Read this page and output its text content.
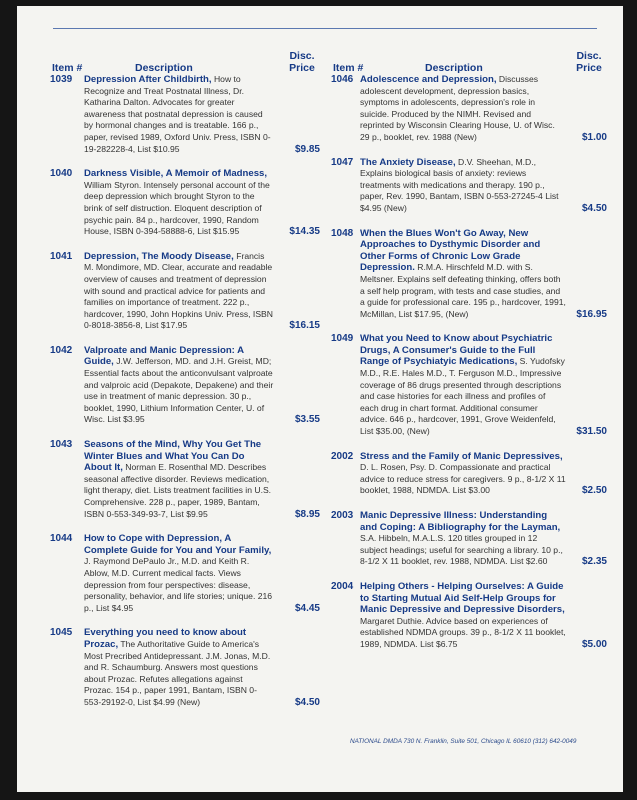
Item #	Description
Disc.
Price
1039	Depression After Childbirth, How to Recognize and Treat Postnatal Illness, Dr. Katharina Dalton. Advocates for greater awareness that postnatal depression is caused by hormonal changes and is treatable. 166 p., paper, revised 1989, Oxford Univ. Press, ISBN 0-19-282228-4, List $10.95	$9.85
1040	Darkness Visible, A Memoir of Madness, William Styron. Intensely personal account of the deep depression which brought Styron to the brink of self distruction. Eloquent description of psychic pain. 84 p., hardcover, 1990, Random House, ISBN 0-394-58888-6, List $15.95	$14.35
1041	Depression, The Moody Disease, Francis M. Mondimore, MD. Clear, accurate and readable overview of causes and treatment of depression with sound and practical advice for patients and families on importance of treatment. 222 p., hardcover, 1990, John Hopkins Univ. Press, ISBN 0-8018-3856-8, List $17.95	$16.15
1042	Valproate and Manic Depression: A Guide, J.W. Jefferson, MD. and J.H. Greist, MD; Essential facts about the anticonvulsant valproate and valproic acid (Depakote, Depakene) and their use in treatment of manic depression. 30 p., booklet, 1990, Lithium Information Center, U. of Wisc. List $3.95	$3.55
1043	Seasons of the Mind, Why You Get The Winter Blues and What You Can Do About It, Norman E. Rosenthal MD. Describes seasonal affective disorder. Reviews medication, light therapy, diet. Lists treatment facilities in U.S. Comprehensive. 228 p., paper, 1989, Bantam, ISBN 0-553-349-93-7, List $9.95	$8.95
1044	How to Cope with Depression, A Complete Guide for You and Your Family, J. Raymond DePaulo Jr., M.D. and Keith R. Ablow, M.D. Current medical facts. Views depression from four perspectives: disease, personality, behavior, and life stories; unique. 216 p., List $4.95	$4.45
1045	Everything you need to know about Prozac, The Authoritative Guide to America's Most Precribed Antidepressant. J.M. Jonas, M.D. and R. Schaumburg. Answers most questions about Prozac. Refutes allegations against Prozac. 154 p., paper 1991, Bantam, ISBN 0-553-29192-0, List $4.99 (New)	$4.50
Item #	Description
Disc.
Price
1046 Adolescence and Depression, Discusses adolescent development, depression basics, symptoms in adolescents, depression's role in suicide. Produced by the NIMH. Revised and reprinted by Wisconsin Clearing House, U. of Wisc. 29 p., booklet, rev. 1988 (New)	$1.00
1047 The Anxiety Disease, D.V. Sheehan, M.D., Explains biological basis of anxiety: reviews treatments with medications and therapy. 190 p., paper, Rev. 1990, Bantam, ISBN 0-553-27245-4 List $4.95 (New)	$4.50
1048 When the Blues Won't Go Away, New Approaches to Dysthymic Disorder and Other Forms of Chronic Low Grade Depression. R.M.A. Hirschfeld M.D. with S. Meltsner. Explains self defeating thinking, offers both a self help program, with tests and case studies, and a guide for professional care. 195 p., hardcover, 1991, McMillan, List $17.95, (New)	$16.95
1049 What you Need to Know about Psychiatric Drugs, A Consumer's Guide to the Full Range of Psychiatyic Medications, S. Yudofsky M.D., R.E. Hales M.D., T. Ferguson M.D., Impressive coverage of 86 drugs presented through descriptions and case histories for each illness and profiles of each drug in chart format. Additional consumer advice. 646 p., hardcover, 1991, Grove Weidenfeld, List $35.00, (New)	$31.50
2002 Stress and the Family of Manic Depressives, D. L. Rosen, Psy. D. Compassionate and practical advice to reduce stress for caregivers. 9 p., 8-1/2 X 11 booklet, 1988, NDMDA. List $3.00	$2.50
2003 Manic Depressive Illness: Understanding and Coping: A Bibliography for the Layman, S.A. Hibbeln, M.A.L.S. 120 titles grouped in 12 subject headings; useful for searching a library. 10 p., 8-1/2 X 11 booklet, rev. 1988, NDMDA. List $2.60	$2.35
2004 Helping Others - Helping Ourselves: A Guide to Starting Mutual Aid Self-Help Groups for Manic Depressive and Depressive Disorders, Margaret Duthie. Advice based on experiences of established NDMDA groups. 39 p., 8-1/2 X 11 booklet, 1989, NDMDA. List $6.75	$5.00
NATIONAL DMDA 730 N. Franklin, Suite 501, Chicago IL 60610 (312) 642-0049
